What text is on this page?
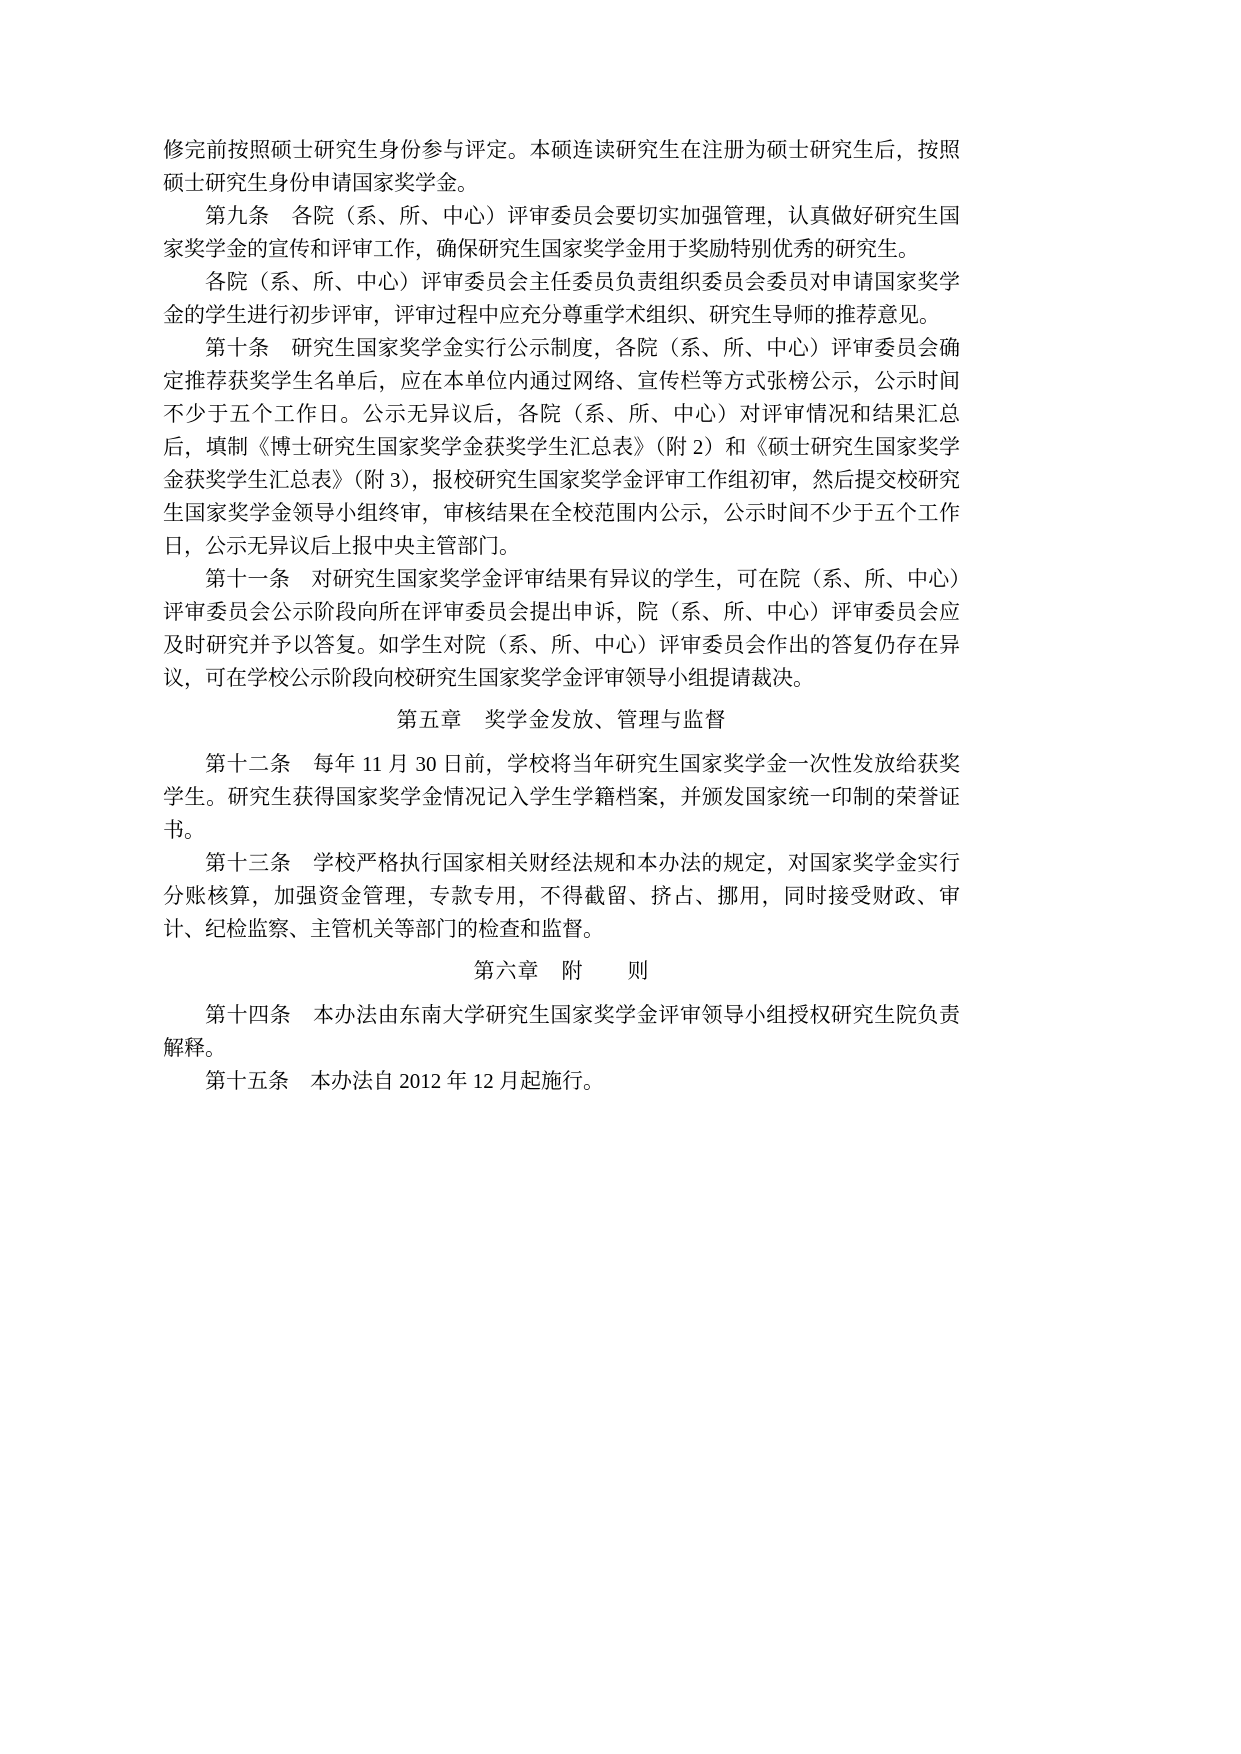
修完前按照硕士研究生身份参与评定。本硕连读研究生在注册为硕士研究生后，按照硕士研究生身份申请国家奖学金。

第九条　各院（系、所、中心）评审委员会要切实加强管理，认真做好研究生国家奖学金的宣传和评审工作，确保研究生国家奖学金用于奖励特别优秀的研究生。

各院（系、所、中心）评审委员会主任委员负责组织委员会委员对申请国家奖学金的学生进行初步评审，评审过程中应充分尊重学术组织、研究生导师的推荐意见。

第十条　研究生国家奖学金实行公示制度，各院（系、所、中心）评审委员会确定推荐获奖学生名单后，应在本单位内通过网络、宣传栏等方式张榜公示，公示时间不少于五个工作日。公示无异议后，各院（系、所、中心）对评审情况和结果汇总后，填制《博士研究生国家奖学金获奖学生汇总表》（附 2）和《硕士研究生国家奖学金获奖学生汇总表》（附 3），报校研究生国家奖学金评审工作组初审，然后提交校研究生国家奖学金领导小组终审，审核结果在全校范围内公示，公示时间不少于五个工作日，公示无异议后上报中央主管部门。

第十一条　对研究生国家奖学金评审结果有异议的学生，可在院（系、所、中心）评审委员会公示阶段向所在评审委员会提出申诉，院（系、所、中心）评审委员会应及时研究并予以答复。如学生对院（系、所、中心）评审委员会作出的答复仍存在异议，可在学校公示阶段向校研究生国家奖学金评审领导小组提请裁决。

第五章　奖学金发放、管理与监督

第十二条　每年 11 月 30 日前，学校将当年研究生国家奖学金一次性发放给获奖学生。研究生获得国家奖学金情况记入学生学籍档案，并颁发国家统一印制的荣誉证书。

第十三条　学校严格执行国家相关财经法规和本办法的规定，对国家奖学金实行分账核算，加强资金管理，专款专用，不得截留、挤占、挪用，同时接受财政、审计、纪检监察、主管机关等部门的检查和监督。

第六章　附　　则

第十四条　本办法由东南大学研究生国家奖学金评审领导小组授权研究生院负责解释。

第十五条　本办法自 2012 年 12 月起施行。
